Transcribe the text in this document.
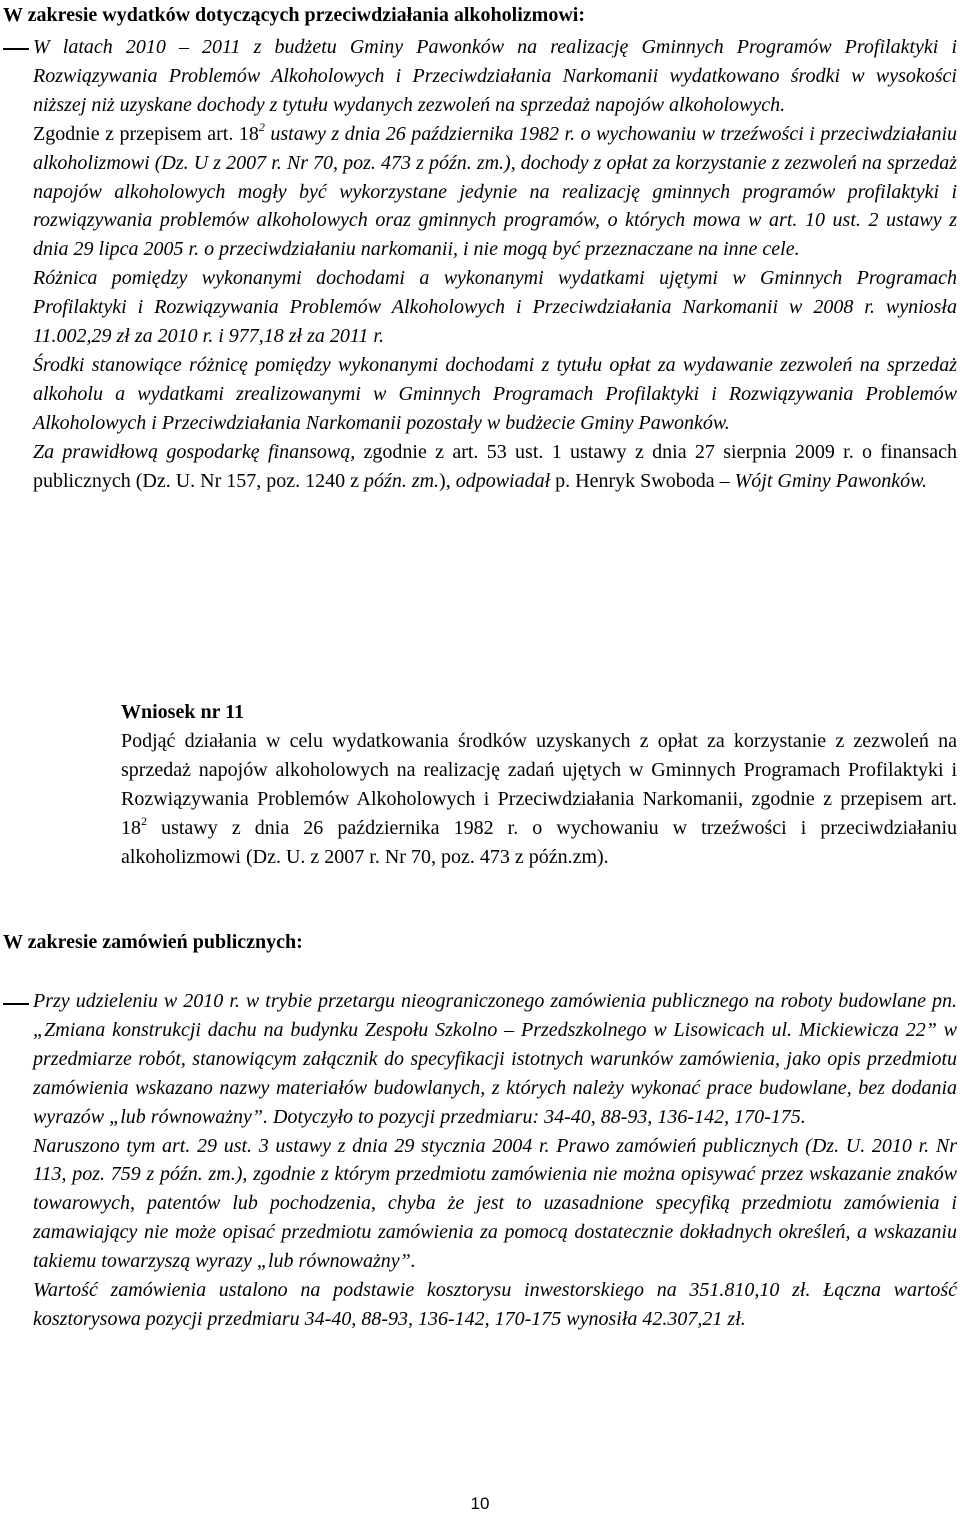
W zakresie wydatków dotyczących przeciwdziałania alkoholizmowi:

W latach 2010 – 2011 z budżetu Gminy Pawonków na realizację Gminnych Programów Profilaktyki i Rozwiązywania Problemów Alkoholowych i Przeciwdziałania Narkomanii wydatkowano środki w wysokości niższej niż uzyskane dochody z tytułu wydanych zezwoleń na sprzedaż napojów alkoholowych.

Zgodnie z przepisem art. $18^2$ ustawy z dnia 26 października 1982 r. o wychowaniu w trzeźwości i przeciwdziałaniu alkoholizmowi (Dz. U z 2007 r. Nr 70, poz. 473 z późn. zm.), dochody z opłat za korzystanie z zezwoleń na sprzedaż napojów alkoholowych mogły być wykorzystane jedynie na realizację gminnych programów profilaktyki i rozwiązywania problemów alkoholowych oraz gminnych programów, o których mowa w art. 10 ust. 2 ustawy z dnia 29 lipca 2005 r. o przeciwdziałaniu narkomanii, i nie mogą być przeznaczane na inne cele.

Różnica pomiędzy wykonanymi dochodami a wykonanymi wydatkami ujętymi w Gminnych Programach Profilaktyki i Rozwiązywania Problemów Alkoholowych i Przeciwdziałania Narkomanii w 2008 r. wyniosła 11.002,29 zł za 2010 r. i 977,18 zł za 2011 r.

Środki stanowiące różnicę pomiędzy wykonanymi dochodami z tytułu opłat za wydawanie zezwoleń na sprzedaż alkoholu a wydatkami zrealizowanymi w Gminnych Programach Profilaktyki i Rozwiązywania Problemów Alkoholowych i Przeciwdziałania Narkomanii pozostały w budżecie Gminy Pawonków.

Za prawidłową gospodarkę finansową, zgodnie z art. 53 ust. 1 ustawy z dnia 27 sierpnia 2009 r. o finansach publicznych (Dz. U. Nr 157, poz. 1240 z późn. zm.), odpowiadał p. Henryk Swoboda – Wójt Gminy Pawonków.

Wniosek nr 11

Podjąć działania w celu wydatkowania środków uzyskanych z opłat za korzystanie z zezwoleń na sprzedaż napojów alkoholowych na realizację zadań ujętych w Gminnych Programach Profilaktyki i Rozwiązywania Problemów Alkoholowych i Przeciwdziałania Narkomanii, zgodnie z przepisem art. $18^2$ ustawy z dnia 26 października 1982 r. o wychowaniu w trzeźwości i przeciwdziałaniu alkoholizmowi (Dz. U. z 2007 r. Nr 70, poz. 473 z późn.zm).

W zakresie zamówień publicznych:

Przy udzieleniu w 2010 r. w trybie przetargu nieograniczonego zamówienia publicznego na roboty budowlane pn. „Zmiana konstrukcji dachu na budynku Zespołu Szkolno – Przedszkolnego w Lisowicach ul. Mickiewicza 22” w przedmiarze robót, stanowiącym załącznik do specyfikacji istotnych warunków zamówienia, jako opis przedmiotu zamówienia wskazano nazwy materiałów budowlanych, z których należy wykonać prace budowlane, bez dodania wyrazów „lub równoważny”. Dotyczyło to pozycji przedmiaru: 34-40, 88-93, 136-142, 170-175.

Naruszono tym art. 29 ust. 3 ustawy z dnia 29 stycznia 2004 r. Prawo zamówień publicznych (Dz. U. 2010 r. Nr 113, poz. 759 z późn. zm.), zgodnie z którym przedmiotu zamówienia nie można opisywać przez wskazanie znaków towarowych, patentów lub pochodzenia, chyba że jest to uzasadnione specyfiką przedmiotu zamówienia i zamawiający nie może opisać przedmiotu zamówienia za pomocą dostatecznie dokładnych określeń, a wskazaniu takiemu towarzyszą wyrazy „lub równoważny”.

Wartość zamówienia ustalono na podstawie kosztorysu inwestorskiego na 351.810,10 zł. Łączna wartość kosztorysowa pozycji przedmiaru 34-40, 88-93, 136-142, 170-175 wynosiła 42.307,21 zł.

10
